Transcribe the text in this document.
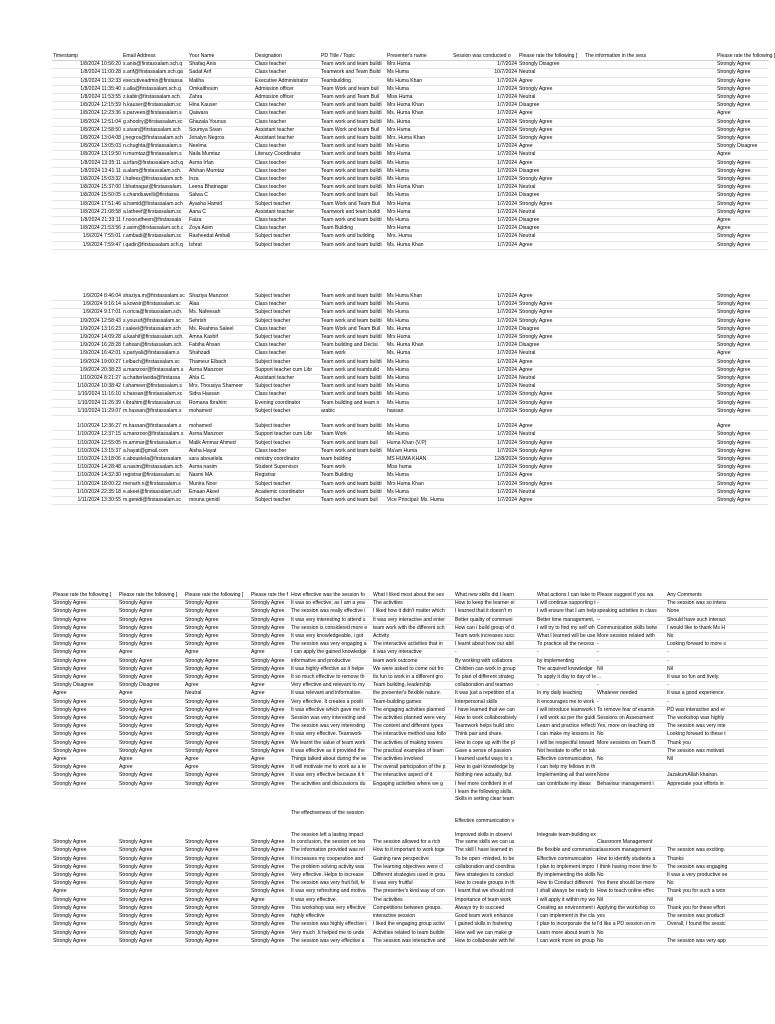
Timestamp	Email Address	Your Name	Designation	PD Title / Topic	Presenter's name	Session was conducted o	Please rate the following [	The information in the sess	Please rate the following [
1/8/2024 10:56:20	s.anis@firstassalam.sch.q	Shafaq Anis	Class teacher	Team work and team buildi	Mrs Huma	1/7/2024	Strongly Disagree		Strongly Agree
1/8/2024 11:00:28	s.arif@firstassalam.sch.qa	Sadaf Arif	Class teacher	Teamwork and Team Build	Ms Huma	10/7/2024	Neutral		Strongly Agree
1/8/2024 11:32:33	executiveadmin@firstassa	Maliha	Executive Administrator	Teambuilding	Ms Huma Khan	1/7/2024	Agree		Strongly Agree
1/8/2024 11:35:40	s.alla@firstassalam.sch.q	Omkalthoum	Admission officer	Team Work and team buil	Ms Huma	1/7/2024	Strongly Agree		Strongly Agree
1/8/2024 11:53:55	z.kabir@firstassalam.sch.	Zahra	Admission officer	Team work and Team Buil	Miss Huma	1/7/2024	Neutral		Strongly Agree
1/8/2024 12:15:59	h.kauser@firstassalam.sc	Hina Kauser	Class teacher	Team work and team buildi	Mrs Huma Khan	1/7/2024	Disagree		Strongly Agree
1/8/2024 12:23:36	s.parveen@firstassalam.s	Qaiwara	Class teacher	Team work and team buildi	Ms. Huma Khan	1/7/2024	Agree		Agree
1/8/2024 12:51:04	g.shoolry@firstassalam.sc	Ghazala Younus	Class teacher	Team work and team buildi	Ms. Huma	1/7/2024	Strongly Agree		Strongly Agree
1/8/2024 12:58:50	s.sivan@firstassalam.sch	Soumya Sivan	Assistant teacher	Team Work and team Buil	Mrs Huma	1/7/2024	Strongly Agree		Strongly Agree
1/8/2024 13:04:08	j.negros@firstassalam.sch	Jonalyn Negros	Assistant teacher	Team work and team buildi	Mrs. Huma Khan	1/7/2024	Strongly Agree		Strongly Agree
1/8/2024 13:05:03	n.chughta@firstassalam.s	Neelma	Class teacher	Team work and team buildi	Ms Huma	1/7/2024	Agree		Strongly Disagree
1/8/2024 13:19:50	n.mumtaz@firstassalam.s	Naila Mumtaz	Literacy Coordinator	Team work and team buildi	Mrs Huma	1/7/2024	Neutral		Agree
1/8/2024 13:35:11	a.irfan@firstassalam.sch.q	Asma Irfan	Class teacher	Team work and team buildi	Ms Huma	1/7/2024	Agree		Strongly Agree
1/8/2024 13:41:11	a.alam@firstassalam.sch.	Afshan Mumtaz	Class teacher	Team work and team buildi	Ms Huma	1/7/2024	Disagree		Strongly Agree
1/8/2024 15:03:32	i.hafeez@firstassalam.sch	Inza	Class teacher	Team work and team buildi	Ms Huma	1/7/2024	Strongly Agree		Strongly Agree
1/8/2024 15:37:00	l.bhatnagar@firstassalam.	Leena Bhatnagar	Class teacher	Team work and team buildi	Mrs Huma Khan	1/7/2024	Neutral		Strongly Agree
1/8/2024 15:50:05	s.chandiuwelli@firstassa	Salwa C	Class teacher	Team work and team buil	Ms Huma	1/7/2024	Disagree		Strongly Agree
1/8/2024 17:51:46	a.hamid@firstassalam.sch	Ayasha Hamid	Subject teacher	Team Work and Team Buil	Mrs Huma	1/7/2024	Strongly Agree		Strongly Agree
1/8/2024 21:08:58	a.latheef@firstassalam.sc	Aana C	Assistant teacher	Teamwork and team buildi	Mrs Huma	1/7/2024	Neutral		Strongly Agree
1/8/2024 21:33:11	f.noorudheen@firstassala	Faiza	Class teacher	Team work and team buildi	Ms Huma	1/7/2024	Disagree		Agree
1/8/2024 21:53:56	z.asim@firstassalam.sch.c	Zoya Asim	Class teacher	Team Building	Mrs Huma	1/7/2024	Disagree		Agree
1/9/2024 7:55:01	r.ambadi@firstassalam.sc	Rasheedat Ambali	Subject teacher	Team work and building	Mrs. Huma	1/7/2024	Neutral		Strongly Agree
1/9/2024 7:59:47	i.qadir@firstassalam.sch.q	Ishrat	Subject teacher	Team work and team buildi	Ms. Huma Khan	1/7/2024	Agree		Strongly Agree

1/9/2024 8:46:04	shaziya.m@firstassalam.sc	Shaziya Manzoor	Subject teacher	Team work and team buildi	Ms Huma Khan	1/7/2024	Agree		Strongly Agree
1/9/2024 9:16:14	a.kowsir@firstassalam.sc	Alaa	Class teacher	Team work and team buildi	Ms Huma	1/7/2024	Strongly Agree		Strongly Agree
1/9/2024 9:17:01	n.oricia@firstassalam.sch.	Ms. Nafeesah	Subject teacher	Team work and team buildi	Ms Huma	1/7/2024	Strongly Agree		Strongly Agree
1/9/2024 12:58:43	s.yousuf@firstassalam.sc	Sehrish	Subject teacher	Team work and team buildi	Ms Huma	1/7/2024	Strongly Agree		Strongly Agree
1/9/2024 13:16:23	r.saleel@firstassalam.sch	Ms. Reahma Saleel	Class teacher	Team Work and Team Buil	Ms. Huma	1/7/2024	Disagree		Strongly Agree
1/9/2024 14:09:28	a.kashif@firstassalam.sch.	Amna Kashif	Subject teacher	Team work and team buildi	Mrs Huma	1/7/2024	Strongly Agree		Strongly Agree
1/9/2024 16:28:28	f.ahsan@firstassalam.sch.	Fabiha Ahsan	Class teacher	Team building and Decisi	Ms. Huma Khan	1/7/2024	Disagree		Strongly Agree
1/9/2024 16:42:01	s.parlyali@firstassalam.s	Shahzadi	Class teacher	Team work	Ms. Huma	1/7/2024	Neutral		Agree
1/9/2024 19:00:27	t.elbach@firstassalam.sc	Thameur Elbach	Subject teacher	Team work and team buildi	Ms Huma	1/7/2024	Agree		Strongly Agree
1/9/2024 20:38:23	a.manzoor@firstassalam.s	Asma Manzoor	Support teacher cum Libr	Team work and teambuild	Ms Huma	1/7/2024	Agree		Strongly Agree
1/10/2024 8:21:27	a.chatterlavida@firstassa	Ahla C.	Assistant teacher	Team work and team buildi	Ms Huma	1/7/2024	Neutral		Strongly Agree
1/10/2024 10:38:42	t.shameer@firstassalam.s	Mrs. Thousiya Shameer	Subject teacher	Team work and team buildi	Ms Huma	1/7/2024	Neutral		Strongly Agree
1/10/2024 11:16:10	s.hassan@firstassalam.sc	Sidra Hassan	Class teacher	Team work and team buildi	Ms Huma	1/7/2024	Strongly Agree		Strongly Agree
1/10/2024 11:26:39	r.ibrahim@firstassalam.sc	Romana Ibrahim	Evening coordinator	Team building and team n	Ms Huma	1/7/2024	Strongly Agree		Strongly Agree
1/10/2024 11:29:07	m.hassan@firstassalam.s	mohamed	Subject teacher	arabic	hassan	1/7/2024	Strongly Agree		Strongly Agree

1/10/2024 12:36:27	m.hassan@firstassalam.s	mohamed	Subject teacher	Team work and team buildi	Ms Huma	1/7/2024	Agree		Agree
1/10/2024 12:37:15	a.manzoor@firstassalam.s	Asma Manzoor	Support teacher cum Libr	Team Work	Ms Huma	1/7/2024	Neutral		Strongly Agree
1/10/2024 12:55:05	m.ammar@firstassalam.s	Malik Ammar Ahmed	Subject teacher	Team work and team buil	Huma Khan (V.P)	1/7/2024	Strongly Agree		Strongly Agree
1/10/2024 13:15:37	a.hayat@gmail.com	Aisha Hayat	Class teacher	Team work and team buildi	Ma'am Huma	1/7/2024	Strongly Agree		Strongly Agree
1/10/2024 13:18:06	s.abouelela@firstassalam	sara abouelela	ministry coordinator	team building	MS HUMA KHAN	12/8/2024	Strongly Agree		Strongly Agree
1/10/2024 14:28:48	a.nasim@firstassalam.sch	Asma nasim	Student Supervisor	Team work	Miss huma	1/7/2024	Strongly Agree		Strongly Agree
1/10/2024 14:32:30	registrar@firstassalam.sc	Nasmi MA	Registrar	Team Building	Ms Huma	1/7/2024	Agree		Strongly Agree
1/10/2024 18:00:22	menarh.n@firstassalam.s	Munira Noor	Subject teacher	Team work and team buildi	Mrs Huma Khan	1/7/2024	Strongly Agree		Strongly Agree
1/10/2024 22:35:18	e.akeel@firstassalam.sch	Emaan Akeel	Academic coordinator	Team work and team buildi	Ms Huma	1/7/2024	Neutral		Strongly Agree
1/11/2024 13:30:55	m.genidi@firstassalam.sc	mouna genidi	Subject teacher	Team work and team buil	Vice Principal: Ms. Huma	1/7/2024	Agree		Strongly Agree
Please rate the following [	Please rate the following [	Please rate the following [	Please rate the f	How effective was the session fo	What I liked most about the ses	What new skills did I learn	What actions I can take to	Please suggest if you wa	Any Comments
Strongly Agree	Strongly Agree	Strongly Agree	Strongly Agree	It was so effective, as I am a yea	The activities	How to keep the learner ei	I will continue supporting t	-	The session was so intera
Strongly Agree	Strongly Agree	Strongly Agree	Strongly Agree	The session was really effective i	I liked how it didn't matter which	I learned that it doesn't m	I will ensure that I am help	speaking activities in class	None
Strongly Agree	Strongly Agree	Strongly Agree	Strongly Agree	It was very interesting to attend s	It was very interactive and enter	Better quality of communi	Better time management,	--	Should have such interact
Strongly Agree	Strongly Agree	Strongly Agree	Strongly Agree	The session is considered more e	team work with the different sch	How can i build group of d	I will try to find my self wh	Communication skills betw	I would like to thank Ms H
Strongly Agree	Strongly Agree	Strongly Agree	Strongly Agree	It was very knowledgeable, i got	Activity	Team work increases succ	What I learned will be use	More session related with	No
Strongly Agree	Strongly Agree	Strongly Agree	Strongly Agree	The session was very engaging a	The interactive activities that in	I learnt about how our abil	To practice all the necess	-	Looking forward to more s
Strongly Agree	Agree	Agree	Agree	I can apply the gained knowledge	it was very interactive	-	-	-	-
Strongly Agree	Strongly Agree	Strongly Agree	Strongly Agree	informative and productive	team work outcome	By working with collabora	by implementing	-	-
Strongly Agree	Strongly Agree	Strongly Agree	Strongly Agree	It was highly effective as it helpe	We were asked to come out fro	Children can work in group	The acquired knowledge	Nil	Nil
Strongly Agree	Strongly Agree	Strongly Agree	Strongly Agree	It so much effective to remove th	Its fun to work in a different gro	To plan of different strateg	To apply it day to day of te	...	It was so fun and lively.
Strongly Disagree	Strongly Disagree	Agree	Agree	Very effective and relevant to my	Team building, leadership	collaboration and teamwo	-	-	-
Agree	Agree	Neutral	Agree	It was relevant and informative.	the presenter's flexible nature.	It was just a repetition of a	In my daily teaching	Whatever needed	It was a good experience.
Strongly Agree	Strongly Agree	Strongly Agree	Strongly Agree	Very effective. It creates a positi	Team-building games	Interpersonal skills	It encourages me to work	-	-
Strongly Agree	Strongly Agree	Strongly Agree	Strongly Agree	It was effective which gave me th	The engaging activities planned	I have learned that we can	I will introduce teamwork t	To remove fear of examin	PD was interactive and er
Strongly Agree	Strongly Agree	Strongly Agree	Strongly Agree	Session was very interesting and	The activities planned were very	How to work collaboratively	I will work as per the guidi	Sessions on Assessment	The workshop was highly
Strongly Agree	Strongly Agree	Strongly Agree	Strongly Agree	The session was very interesting	The content and different types	Teamwork helps build stro	Learn and practice reflecti	Yes, more on teaching str	The session was very inte
Strongly Agree	Strongly Agree	Strongly Agree	Strongly Agree	It was very effective. Teamwork	The interactive method was follo	Think pair and share.	I can make my lessons in	No	Looking forward to these t
Strongly Agree	Strongly Agree	Strongly Agree	Strongly Agree	We learnt the value of team work	The activities of making towers	How to cope up with the pl	I will be respectful toward	More sessions on Team B	Thank you
Strongly Agree	Strongly Agree	Strongly Agree	Strongly Agree	It was effective as it provided the	The practical examples of team	Gave a sense of passion	Not hesitate to offer or tak		The session was motivati
Agree	Agree	Agree	Agree	Things talked about during the se	The activities involved	I learned useful ways to s	Effective communication,	No	Nil
Strongly Agree	Agree	Agree	Strongly Agree	It will motivate me to work as a te	The overall participation of the p	How to gain knowledge by	I can help my fellows in th		
Strongly Agree	Strongly Agree	Strongly Agree	Strongly Agree	It was very effective because it h	The interactive aspect of it	Nothing new actually, but	Implementing all that were	None	JazakumAllah khairan.
Strongly Agree	Strongly Agree	Strongly Agree	Strongly Agree	The activities and discussions du	Engaging activities where we g	I feel more confident in ef	can contribute my ideas	Behaviour management i	Appreciate your efforts in
						I learn the following skills,			
						Skills in setting clear team			

				The effectiveness of the session					
						Effective communication v			

				The session left a lasting impact		Improved skills in observi	Integrate team-building ex		
Strongly Agree	Strongly Agree	Strongly Agree	Strongly Agree	In conclusion, the session on tea	The session allowed for a rich	The same skills we can us		Classroom Management	
Strongly Agree	Strongly Agree	Strongly Agree	Strongly Agree	The information provided was rel	How to it important to work toge	The skill I have learned in	Be flexible and communica	classroom management	The session was exciting.
Strongly Agree	Strongly Agree	Strongly Agree	Strongly Agree	It increases my cooperation and	Gaining new perspective	To be open -minded, to be	Effective communication	How to identify students a	Thanks
Strongly Agree	Strongly Agree	Strongly Agree	Strongly Agree	The problem solving activity was	The learning objectives were cl	collaboration and coordina	I plan to implement impro	I think having more time fo	The session was engaging
Strongly Agree	Strongly Agree	Strongly Agree	Strongly Agree	Very effective. Helps to increase	Different strategies used in grou	New strategies to conduct	By implementing the skills	No	It was a very productive se
Strongly Agree	Strongly Agree	Strongly Agree	Strongly Agree	The session was very fruit full, fe	It was very fruitful	How to create groups in th	How to Conduct different	Yes there should be more	No
Agree	Strongly Agree	Strongly Agree	Strongly Agree	It was very refreshing and motiva	The presenter's kind way of con	I learnt that we should not	I shall always be ready to	How to teach online effec	Thank you for such a won
Strongly Agree	Strongly Agree	Strongly Agree	Agree	It was very effective.	The activities	Importance of team work	I will apply it within my wo	Nil	Nil
Strongly Agree	Strongly Agree	Strongly Agree	Strongly Agree	This workshop was very effective	Competitions between groups.	Always try to succeed	Creating an environment i	Applying the workshop co	Thank you for these effort
Strongly Agree	Strongly Agree	Strongly Agree	Strongly Agree	highly effective	interactive session	Good team work enhance	I can implement in the cla	yes	The session was producti
Strongly Agree	Strongly Agree	Strongly Agree	Strongly Agree	The session was highly effective i	I liked the engaging group activi	I gained skills in fostering	I plan to incorporate the te	I'd like a PD session on m	Overall, I found the sessic
Strongly Agree	Strongly Agree	Strongly Agree	Strongly Agree	Very much .It helped me to unde	Activities related to team buildin	How well we can make gr	Learn more about team b	No	
Strongly Agree	Strongly Agree	Strongly Agree	Strongly Agree	The session was very effective a	The session was interactive and	How to collaborate with fel	I can work more on group	No	The session was very app
